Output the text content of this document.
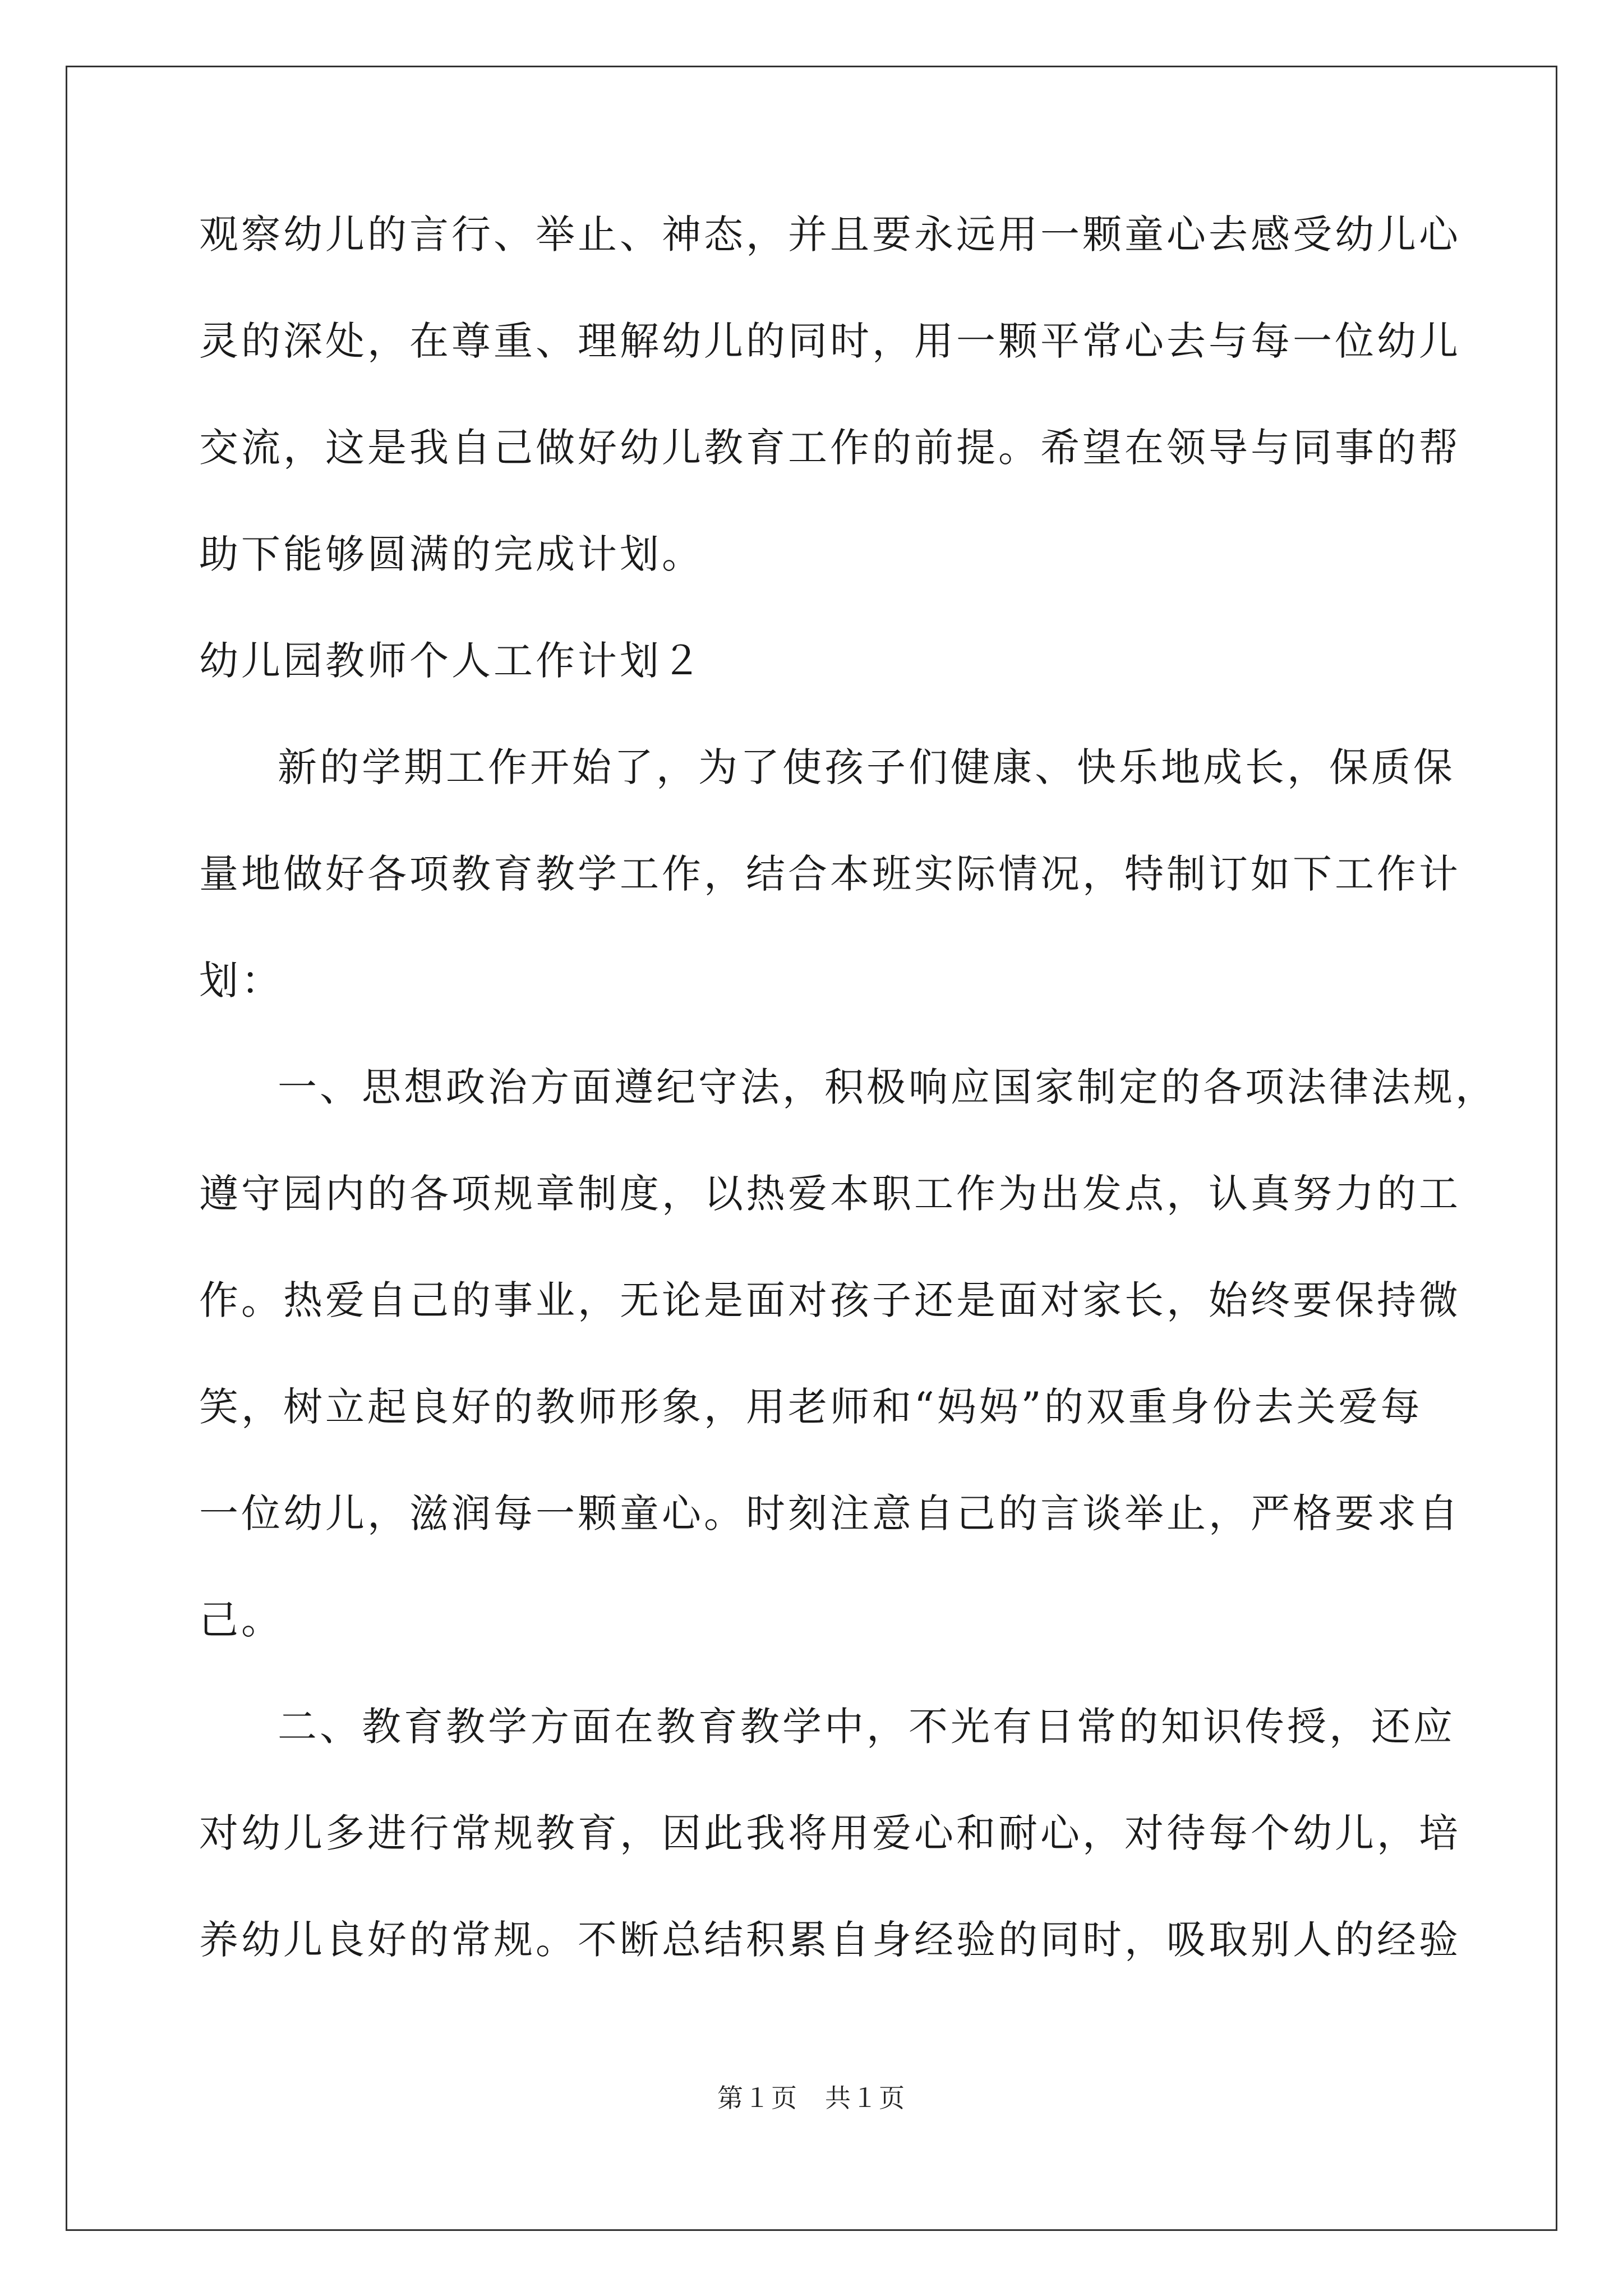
观察幼儿的言行、举止、神态，并且要永远用一颗童心去感受幼儿心
灵的深处，在尊重、理解幼儿的同时，用一颗平常心去与每一位幼儿
交流，这是我自己做好幼儿教育工作的前提。希望在领导与同事的帮
助下能够圆满的完成计划。
幼儿园教师个人工作计划２
新的学期工作开始了，为了使孩子们健康、快乐地成长，保质保
量地做好各项教育教学工作，结合本班实际情况，特制订如下工作计
划：
一、思想政治方面遵纪守法，积极响应国家制定的各项法律法规，
遵守园内的各项规章制度，以热爱本职工作为出发点，认真努力的工
作。热爱自己的事业，无论是面对孩子还是面对家长，始终要保持微
笑，树立起良好的教师形象，用老师和“妈妈”的双重身份去关爱每
一位幼儿，滋润每一颗童心。时刻注意自己的言谈举止，严格要求自
己。
二、教育教学方面在教育教学中，不光有日常的知识传授，还应
对幼儿多进行常规教育，因此我将用爱心和耐心，对待每个幼儿，培
养幼儿良好的常规。不断总结积累自身经验的同时，吸取别人的经验
第１页　共１页
